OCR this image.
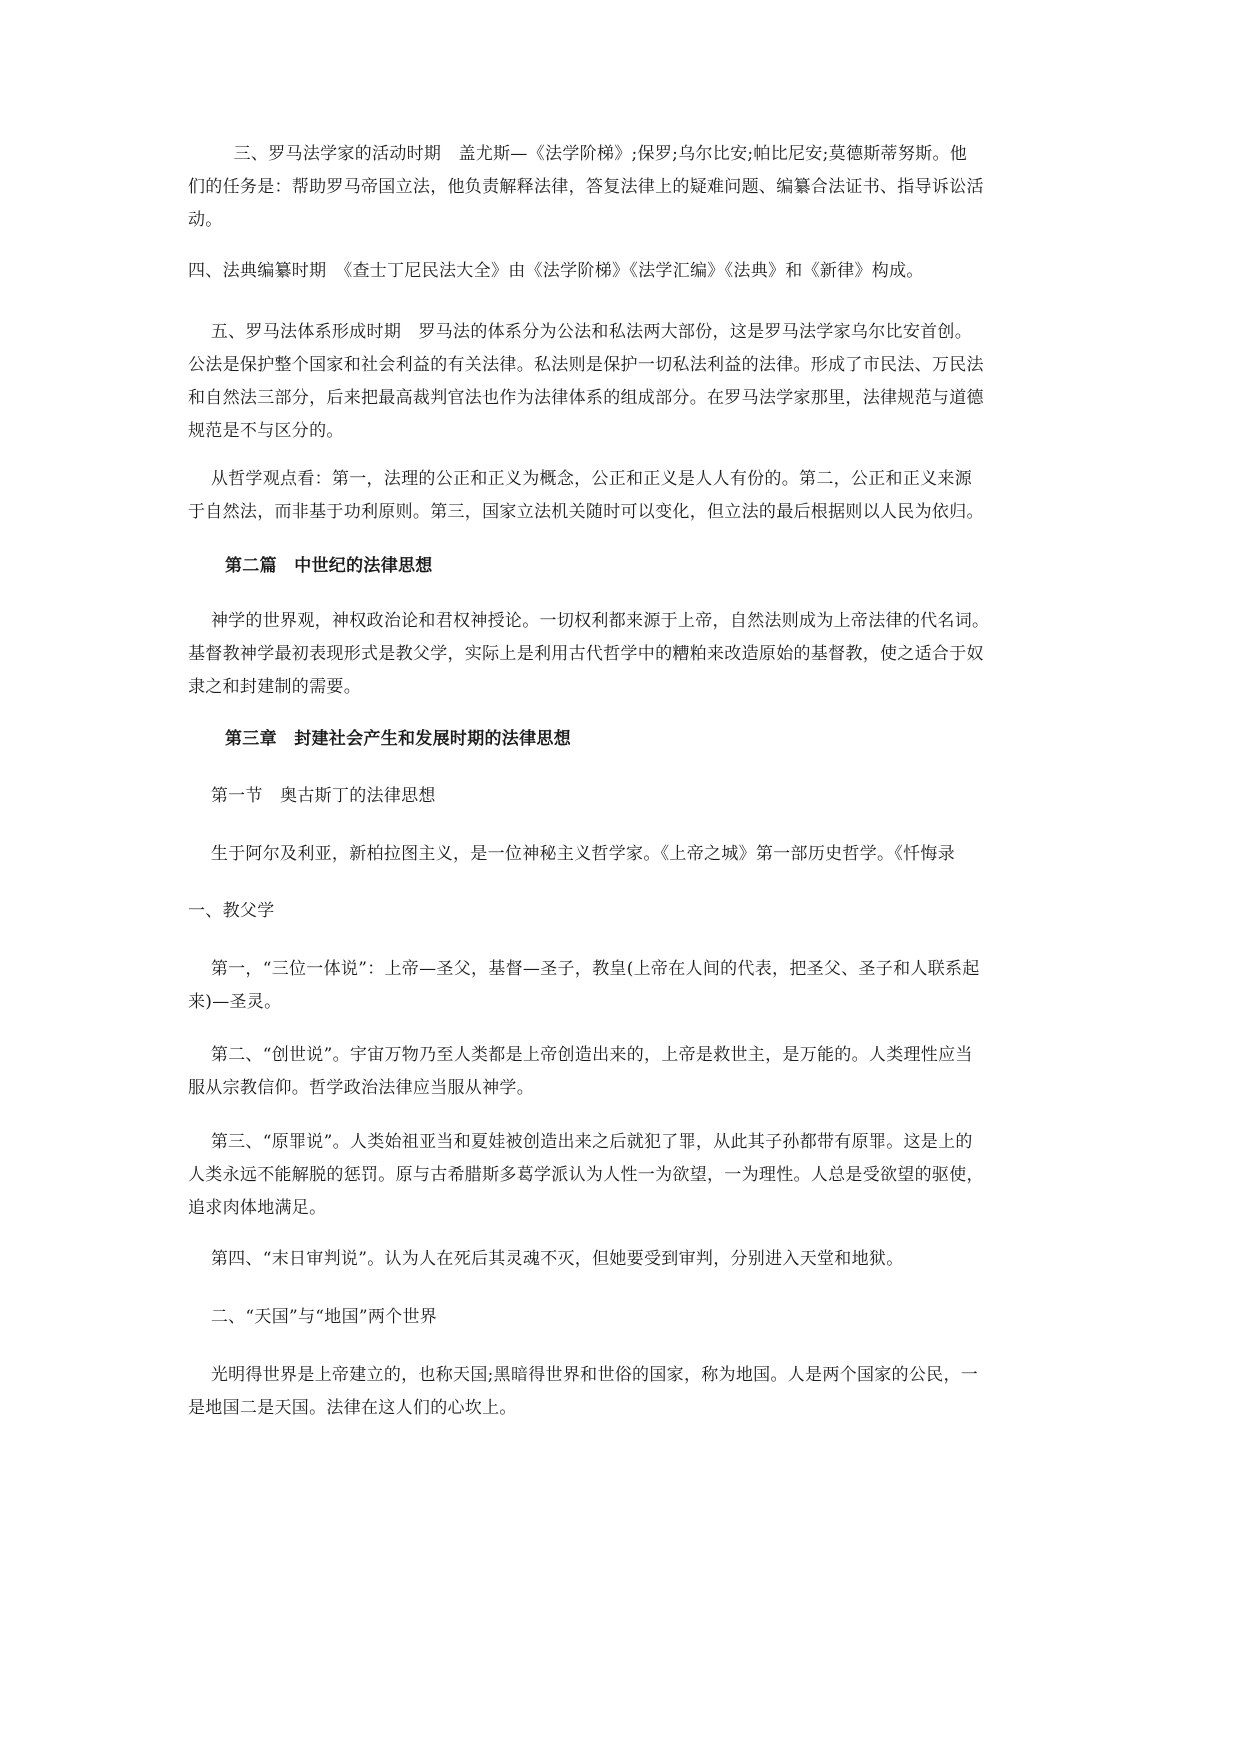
三、罗马法学家的活动时期　盖尤斯—《法学阶梯》;保罗;乌尔比安;帕比尼安;莫德斯蒂努斯。他
们的任务是：帮助罗马帝国立法，他负责解释法律，答复法律上的疑难问题、编纂合法证书、指导诉讼活
动。
四、法典编纂时期　《查士丁尼民法大全》由《法学阶梯》《法学汇编》《法典》和《新律》构成。
五、罗马法体系形成时期　罗马法的体系分为公法和私法两大部份，这是罗马法学家乌尔比安首创。
公法是保护整个国家和社会利益的有关法律。私法则是保护一切私法利益的法律。形成了市民法、万民法
和自然法三部分，后来把最高裁判官法也作为法律体系的组成部分。在罗马法学家那里，法律规范与道德
规范是不与区分的。
从哲学观点看：第一，法理的公正和正义为概念，公正和正义是人人有份的。第二，公正和正义来源
于自然法，而非基于功利原则。第三，国家立法机关随时可以变化，但立法的最后根据则以人民为依归。
第二篇　中世纪的法律思想
神学的世界观，神权政治论和君权神授论。一切权利都来源于上帝，自然法则成为上帝法律的代名词。
基督教神学最初表现形式是教父学，实际上是利用古代哲学中的糟粕来改造原始的基督教，使之适合于奴
隶之和封建制的需要。
第三章　封建社会产生和发展时期的法律思想
第一节　奥古斯丁的法律思想
生于阿尔及利亚，新柏拉图主义，是一位神秘主义哲学家。《上帝之城》第一部历史哲学。《忏悔录
一、教父学
第一，“三位一体说”：上帝—圣父，基督—圣子，教皇(上帝在人间的代表，把圣父、圣子和人联系起
来)—圣灵。
第二、“创世说”。宇宙万物乃至人类都是上帝创造出来的，上帝是救世主，是万能的。人类理性应当
服从宗教信仰。哲学政治法律应当服从神学。
第三、“原罪说”。人类始祖亚当和夏娃被创造出来之后就犯了罪，从此其子孙都带有原罪。这是上的
人类永远不能解脱的惩罚。原与古希腊斯多葛学派认为人性一为欲望，一为理性。人总是受欲望的驱使，
追求肉体地满足。
第四、“末日审判说”。认为人在死后其灵魂不灭，但她要受到审判，分别进入天堂和地狱。
二、“天国”与“地国”两个世界
光明得世界是上帝建立的，也称天国;黑暗得世界和世俗的国家，称为地国。人是两个国家的公民，一
是地国二是天国。法律在这人们的心坎上。
